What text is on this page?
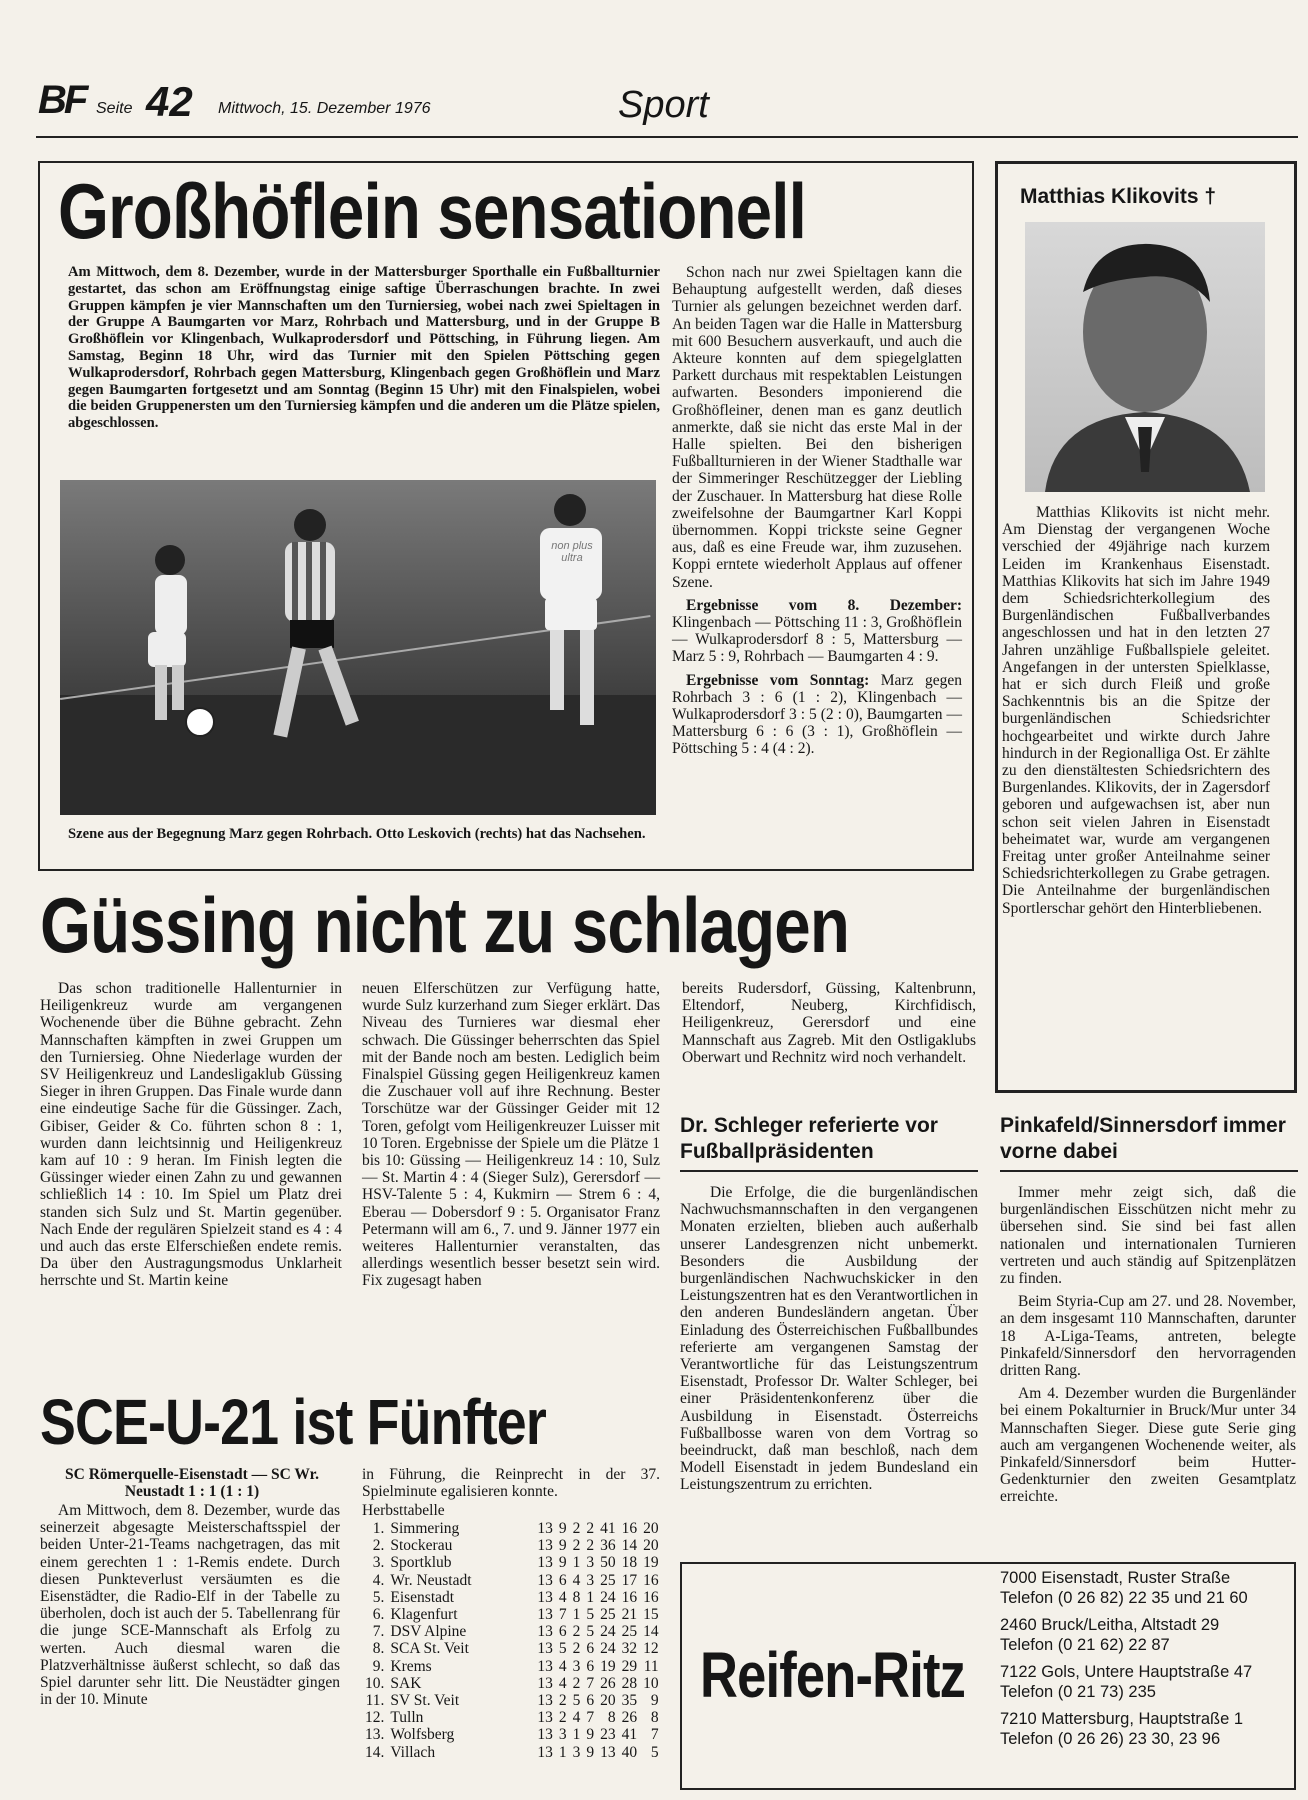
BF Seite 42 Mittwoch, 15. Dezember 1976	Sport
Großhöflein sensationell
Am Mittwoch, dem 8. Dezember, wurde in der Mattersburger Sporthalle ein Fußballturnier gestartet, das schon am Eröffnungstag einige saftige Überraschungen brachte. In zwei Gruppen kämpfen je vier Mannschaften um den Turniersieg, wobei nach zwei Spieltagen in der Gruppe A Baumgarten vor Marz, Rohrbach und Mattersburg, und in der Gruppe B Großhöflein vor Klingenbach, Wulkaprodersdorf und Pöttsching, in Führung liegen. Am Samstag, Beginn 18 Uhr, wird das Turnier mit den Spielen Pöttsching gegen Wulkaprodersdorf, Rohrbach gegen Mattersburg, Klingenbach gegen Großhöflein und Marz gegen Baumgarten fortgesetzt und am Sonntag (Beginn 15 Uhr) mit den Finalspielen, wobei die beiden Gruppenersten um den Turniersieg kämpfen und die anderen um die Plätze spielen, abgeschlossen.
non plus ultra
Szene aus der Begegnung Marz gegen Rohrbach. Otto Leskovich (rechts) hat das Nachsehen.
Schon nach nur zwei Spieltagen kann die Behauptung aufgestellt werden, daß dieses Turnier als gelungen bezeichnet werden darf. An beiden Tagen war die Halle in Mattersburg mit 600 Besuchern ausverkauft, und auch die Akteure konnten auf dem spiegelglatten Parkett durchaus mit respektablen Leistungen aufwarten. Besonders imponierend die Großhöfleiner, denen man es ganz deutlich anmerkte, daß sie nicht das erste Mal in der Halle spielten. Bei den bisherigen Fußballturnieren in der Wiener Stadthalle war der Simmeringer Reschützegger der Liebling der Zuschauer. In Mattersburg hat diese Rolle zweifelsohne der Baumgartner Karl Koppi übernommen. Koppi trickste seine Gegner aus, daß es eine Freude war, ihm zuzusehen. Koppi erntete wiederholt Applaus auf offener Szene.
Ergebnisse vom 8. Dezember: Klingenbach — Pöttsching 11 : 3, Großhöflein — Wulkaprodersdorf 8 : 5, Mattersburg — Marz 5 : 9, Rohrbach — Baumgarten 4 : 9.
Ergebnisse vom Sonntag: Marz gegen Rohrbach 3 : 6 (1 : 2), Klingenbach — Wulkaprodersdorf 3 : 5 (2 : 0), Baumgarten — Mattersburg 6 : 6 (3 : 1), Großhöflein — Pöttsching 5 : 4 (4 : 2).
Matthias Klikovits †
Matthias Klikovits ist nicht mehr. Am Dienstag der vergangenen Woche verschied der 49jährige nach kurzem Leiden im Krankenhaus Eisenstadt. Matthias Klikovits hat sich im Jahre 1949 dem Schiedsrichterkollegium des Burgenländischen Fußballverbandes angeschlossen und hat in den letzten 27 Jahren unzählige Fußballspiele geleitet. Angefangen in der untersten Spielklasse, hat er sich durch Fleiß und große Sachkenntnis bis an die Spitze der burgenländischen Schiedsrichter hochgearbeitet und wirkte durch Jahre hindurch in der Regionalliga Ost. Er zählte zu den dienstältesten Schiedsrichtern des Burgenlandes. Klikovits, der in Zagersdorf geboren und aufgewachsen ist, aber nun schon seit vielen Jahren in Eisenstadt beheimatet war, wurde am vergangenen Freitag unter großer Anteilnahme seiner Schiedsrichterkollegen zu Grabe getragen. Die Anteilnahme der burgenländischen Sportlerschar gehört den Hinterbliebenen.
Güssing nicht zu schlagen
Das schon traditionelle Hallenturnier in Heiligenkreuz wurde am vergangenen Wochenende über die Bühne gebracht. Zehn Mannschaften kämpften in zwei Gruppen um den Turniersieg. Ohne Niederlage wurden der SV Heiligenkreuz und Landesligaklub Güssing Sieger in ihren Gruppen. Das Finale wurde dann eine eindeutige Sache für die Güssinger. Zach, Gibiser, Geider & Co. führten schon 8 : 1, wurden dann leichtsinnig und Heiligenkreuz kam auf 10 : 9 heran. Im Finish legten die Güssinger wieder einen Zahn zu und gewannen schließlich 14 : 10. Im Spiel um Platz drei standen sich Sulz und St. Martin gegenüber. Nach Ende der regulären Spielzeit stand es 4 : 4 und auch das erste Elferschießen endete remis. Da über den Austragungsmodus Unklarheit herrschte und St. Martin keine
neuen Elferschützen zur Verfügung hatte, wurde Sulz kurzerhand zum Sieger erklärt. Das Niveau des Turnieres war diesmal eher schwach. Die Güssinger beherrschten das Spiel mit der Bande noch am besten. Lediglich beim Finalspiel Güssing gegen Heiligenkreuz kamen die Zuschauer voll auf ihre Rechnung. Bester Torschütze war der Güssinger Geider mit 12 Toren, gefolgt vom Heiligenkreuzer Luisser mit 10 Toren. Ergebnisse der Spiele um die Plätze 1 bis 10: Güssing — Heiligenkreuz 14 : 10, Sulz — St. Martin 4 : 4 (Sieger Sulz), Gerersdorf — HSV-Talente 5 : 4, Kukmirn — Strem 6 : 4, Eberau — Dobersdorf 9 : 5. Organisator Franz Petermann will am 6., 7. und 9. Jänner 1977 ein weiteres Hallenturnier veranstalten, das allerdings wesentlich besser besetzt sein wird. Fix zugesagt haben
bereits Rudersdorf, Güssing, Kaltenbrunn, Eltendorf, Neuberg, Kirchfidisch, Heiligenkreuz, Gerersdorf und eine Mannschaft aus Zagreb. Mit den Ostligaklubs Oberwart und Rechnitz wird noch verhandelt.
Dr. Schleger referierte vor Fußballpräsidenten
Die Erfolge, die die burgenländischen Nachwuchsmannschaften in den vergangenen Monaten erzielten, blieben auch außerhalb unserer Landesgrenzen nicht unbemerkt. Besonders die Ausbildung der burgenländischen Nachwuchskicker in den Leistungszentren hat es den Verantwortlichen in den anderen Bundesländern angetan. Über Einladung des Österreichischen Fußballbundes referierte am vergangenen Samstag der Verantwortliche für das Leistungszentrum Eisenstadt, Professor Dr. Walter Schleger, bei einer Präsidentenkonferenz über die Ausbildung in Eisenstadt. Österreichs Fußballbosse waren von dem Vortrag so beeindruckt, daß man beschloß, nach dem Modell Eisenstadt in jedem Bundesland ein Leistungszentrum zu errichten.
Pinkafeld/Sinnersdorf immer vorne dabei
Immer mehr zeigt sich, daß die burgenländischen Eisschützen nicht mehr zu übersehen sind. Sie sind bei fast allen nationalen und internationalen Turnieren vertreten und auch ständig auf Spitzenplätzen zu finden.
Beim Styria-Cup am 27. und 28. November, an dem insgesamt 110 Mannschaften, darunter 18 A-Liga-Teams, antreten, belegte Pinkafeld/Sinnersdorf den hervorragenden dritten Rang.
Am 4. Dezember wurden die Burgenländer bei einem Pokalturnier in Bruck/Mur unter 34 Mannschaften Sieger. Diese gute Serie ging auch am vergangenen Wochenende weiter, als Pinkafeld/Sinnersdorf beim Hutter-Gedenkturnier den zweiten Gesamtplatz erreichte.
SCE-U-21 ist Fünfter
SC Römerquelle-Eisenstadt — SC Wr. Neustadt 1 : 1 (1 : 1)
Am Mittwoch, dem 8. Dezember, wurde das seinerzeit abgesagte Meisterschaftsspiel der beiden Unter-21-Teams nachgetragen, das mit einem gerechten 1 : 1-Remis endete. Durch diesen Punkteverlust versäumten es die Eisenstädter, die Radio-Elf in der Tabelle zu überholen, doch ist auch der 5. Tabellenrang für die junge SCE-Mannschaft als Erfolg zu werten. Auch diesmal waren die Platzverhältnisse äußerst schlecht, so daß das Spiel darunter sehr litt. Die Neustädter gingen in der 10. Minute
in Führung, die Reinprecht in der 37. Spielminute egalisieren konnte.
Herbsttabelle
1.	Simmering	13	9	2	2	41	16	20
2.	Stockerau	13	9	2	2	36	14	20
3.	Sportklub	13	9	1	3	50	18	19
4.	Wr. Neustadt	13	6	4	3	25	17	16
5.	Eisenstadt	13	4	8	1	24	16	16
6.	Klagenfurt	13	7	1	5	25	21	15
7.	DSV Alpine	13	6	2	5	24	25	14
8.	SCA St. Veit	13	5	2	6	24	32	12
9.	Krems	13	4	3	6	19	29	11
10.	SAK	13	4	2	7	26	28	10
11.	SV St. Veit	13	2	5	6	20	35	9
12.	Tulln	13	2	4	7	8	26	8
13.	Wolfsberg	13	3	1	9	23	41	7
14.	Villach	13	1	3	9	13	40	5
Reifen-Ritz
7000 Eisenstadt, Ruster Straße
Telefon (0 26 82) 22 35 und 21 60
2460 Bruck/Leitha, Altstadt 29
Telefon (0 21 62) 22 87
7122 Gols, Untere Hauptstraße 47
Telefon (0 21 73) 235
7210 Mattersburg, Hauptstraße 1
Telefon (0 26 26) 23 30, 23 96
